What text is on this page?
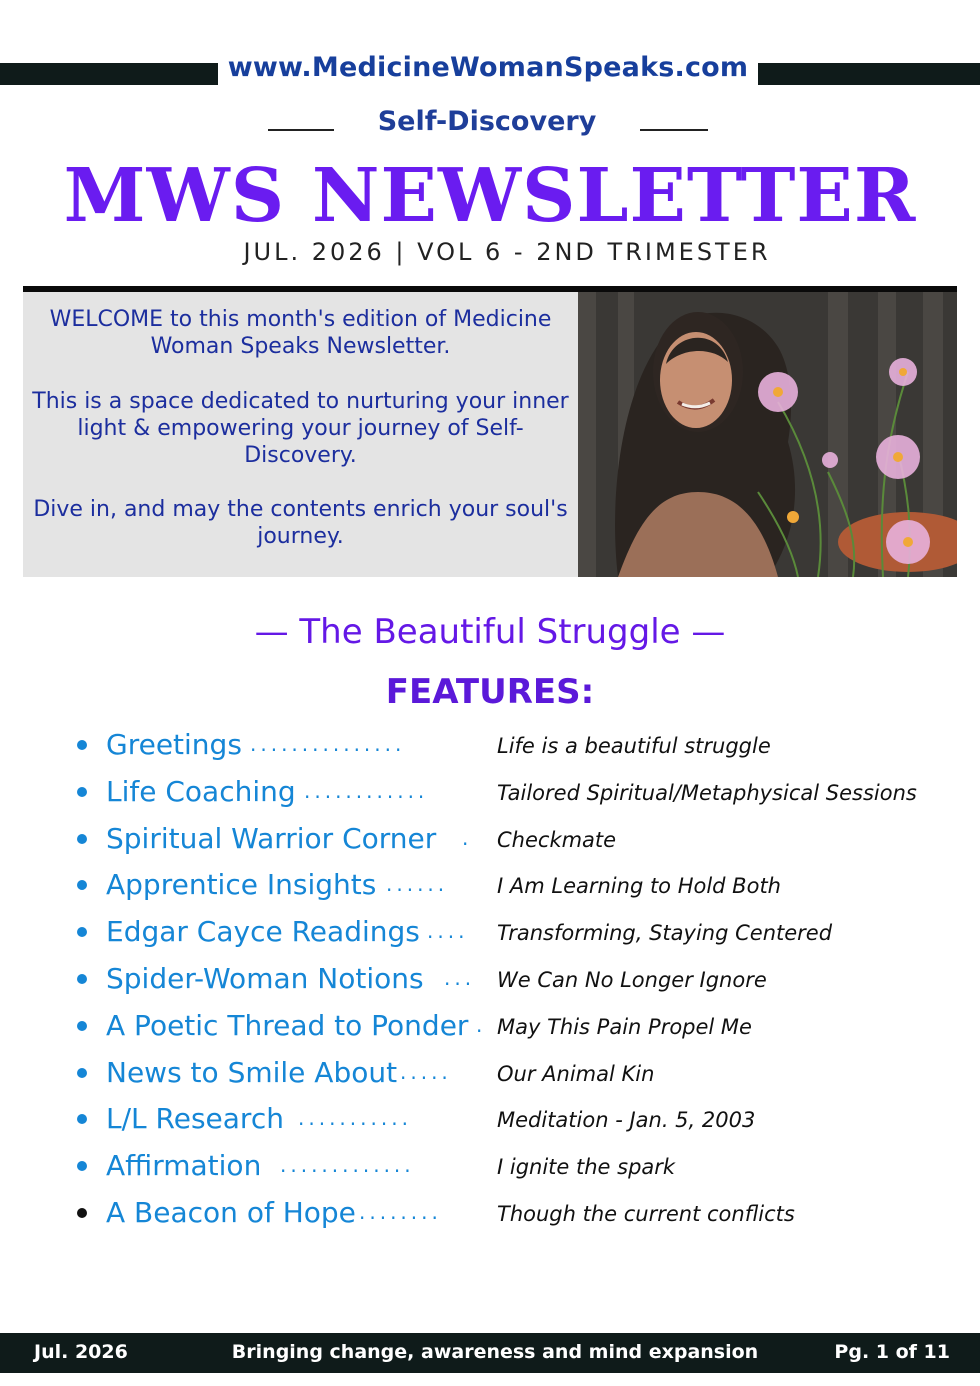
www.MedicineWomanSpeaks.com
Self-Discovery
MWS NEWSLETTER
JUL. 2026 | VOL 6 - 2ND TRIMESTER

WELCOME to this month's edition of Medicine Woman Speaks Newsletter.

This is a space dedicated to nurturing your inner light & empowering your journey of Self-Discovery.

Dive in, and may the contents enrich your soul's journey.

— The Beautiful Struggle —
FEATURES:
Greetings ...............	Life is a beautiful struggle
Life Coaching ............	Tailored Spiritual/Metaphysical Sessions
Spiritual Warrior Corner . Checkmate
Apprentice Insights ...... I Am Learning to Hold Both
Edgar Cayce Readings .... Transforming, Staying Centered
Spider-Woman Notions ... We Can No Longer Ignore
A Poetic Thread to Ponder . May This Pain Propel Me
News to Smile About ..... Our Animal Kin
L/L Research ...........	Meditation - Jan. 5, 2003
Affirmation .............	I ignite the spark
A Beacon of Hope ........	Though the current conflicts
Jul. 2026	Bringing change, awareness and mind expansion	Pg. 1 of 11
